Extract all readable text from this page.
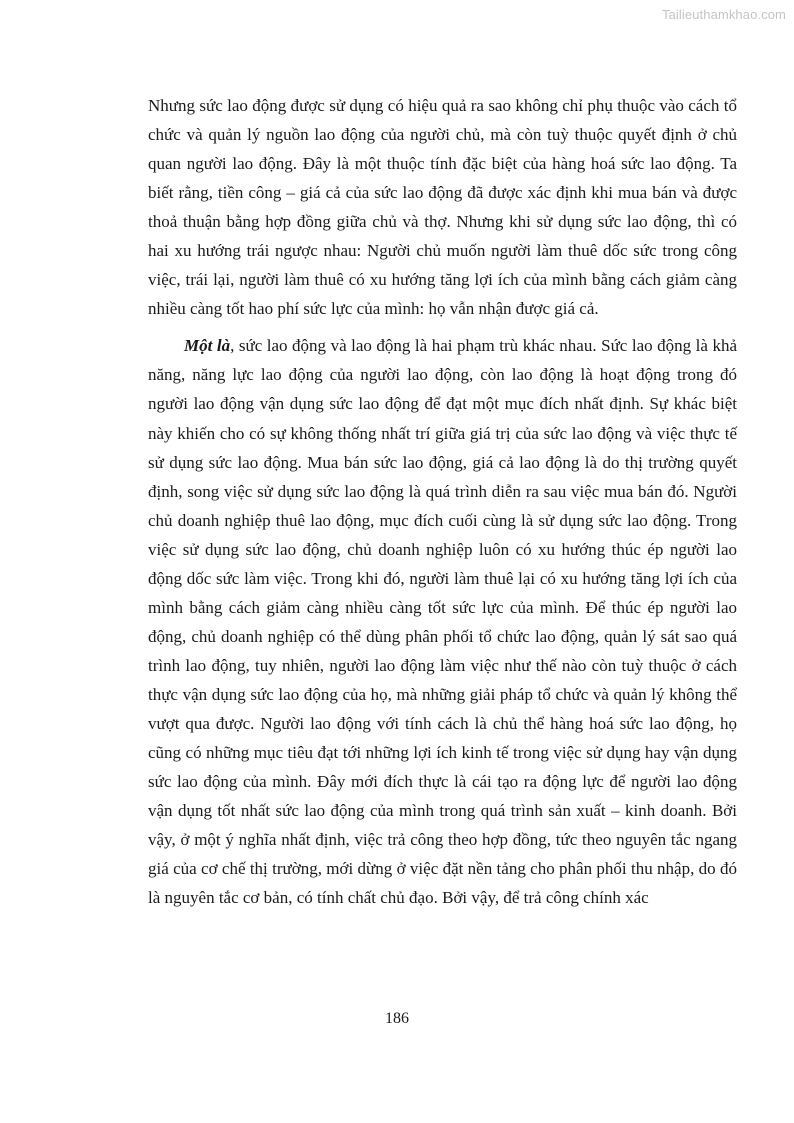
Tailieuthamkhao.com

Nhưng sức lao động được sử dụng có hiệu quả ra sao không chỉ phụ thuộc vào cách tổ chức và quản lý nguồn lao động của người chủ, mà còn tuỳ thuộc quyết định ở chủ quan người lao động. Đây là một thuộc tính đặc biệt của hàng hoá sức lao động. Ta biết rằng, tiền công – giá cả của sức lao động đã được xác định khi mua bán và được thoả thuận bằng hợp đồng giữa chủ và thợ. Nhưng khi sử dụng sức lao động, thì có hai xu hướng trái ngược nhau: Người chủ muốn người làm thuê dốc sức trong công việc, trái lại, người làm thuê có xu hướng tăng lợi ích của mình bằng cách giảm càng nhiều càng tốt hao phí sức lực của mình: họ vẫn nhận được giá cả.

Một là, sức lao động và lao động là hai phạm trù khác nhau. Sức lao động là khả năng, năng lực lao động của người lao động, còn lao động là hoạt động trong đó người lao động vận dụng sức lao động để đạt một mục đích nhất định. Sự khác biệt này khiến cho có sự không thống nhất trí giữa giá trị của sức lao động và việc thực tế sử dụng sức lao động. Mua bán sức lao động, giá cả lao động là do thị trường quyết định, song việc sử dụng sức lao động là quá trình diễn ra sau việc mua bán đó. Người chủ doanh nghiệp thuê lao động, mục đích cuối cùng là sử dụng sức lao động. Trong việc sử dụng sức lao động, chủ doanh nghiệp luôn có xu hướng thúc ép người lao động dốc sức làm việc. Trong khi đó, người làm thuê lại có xu hướng tăng lợi ích của mình bằng cách giảm càng nhiều càng tốt sức lực của mình. Để thúc ép người lao động, chủ doanh nghiệp có thể dùng phân phối tổ chức lao động, quản lý sát sao quá trình lao động, tuy nhiên, người lao động làm việc như thế nào còn tuỳ thuộc ở cách thực vận dụng sức lao động của họ, mà những giải pháp tổ chức và quản lý không thể vượt qua được. Người lao động với tính cách là chủ thể hàng hoá sức lao động, họ cũng có những mục tiêu đạt tới những lợi ích kinh tế trong việc sử dụng hay vận dụng sức lao động của mình. Đây mới đích thực là cái tạo ra động lực để người lao động vận dụng tốt nhất sức lao động của mình trong quá trình sản xuất – kinh doanh. Bởi vậy, ở một ý nghĩa nhất định, việc trả công theo hợp đồng, tức theo nguyên tắc ngang giá của cơ chế thị trường, mới dừng ở việc đặt nền tảng cho phân phối thu nhập, do đó là nguyên tắc cơ bản, có tính chất chủ đạo. Bởi vậy, để trả công chính xác

186
